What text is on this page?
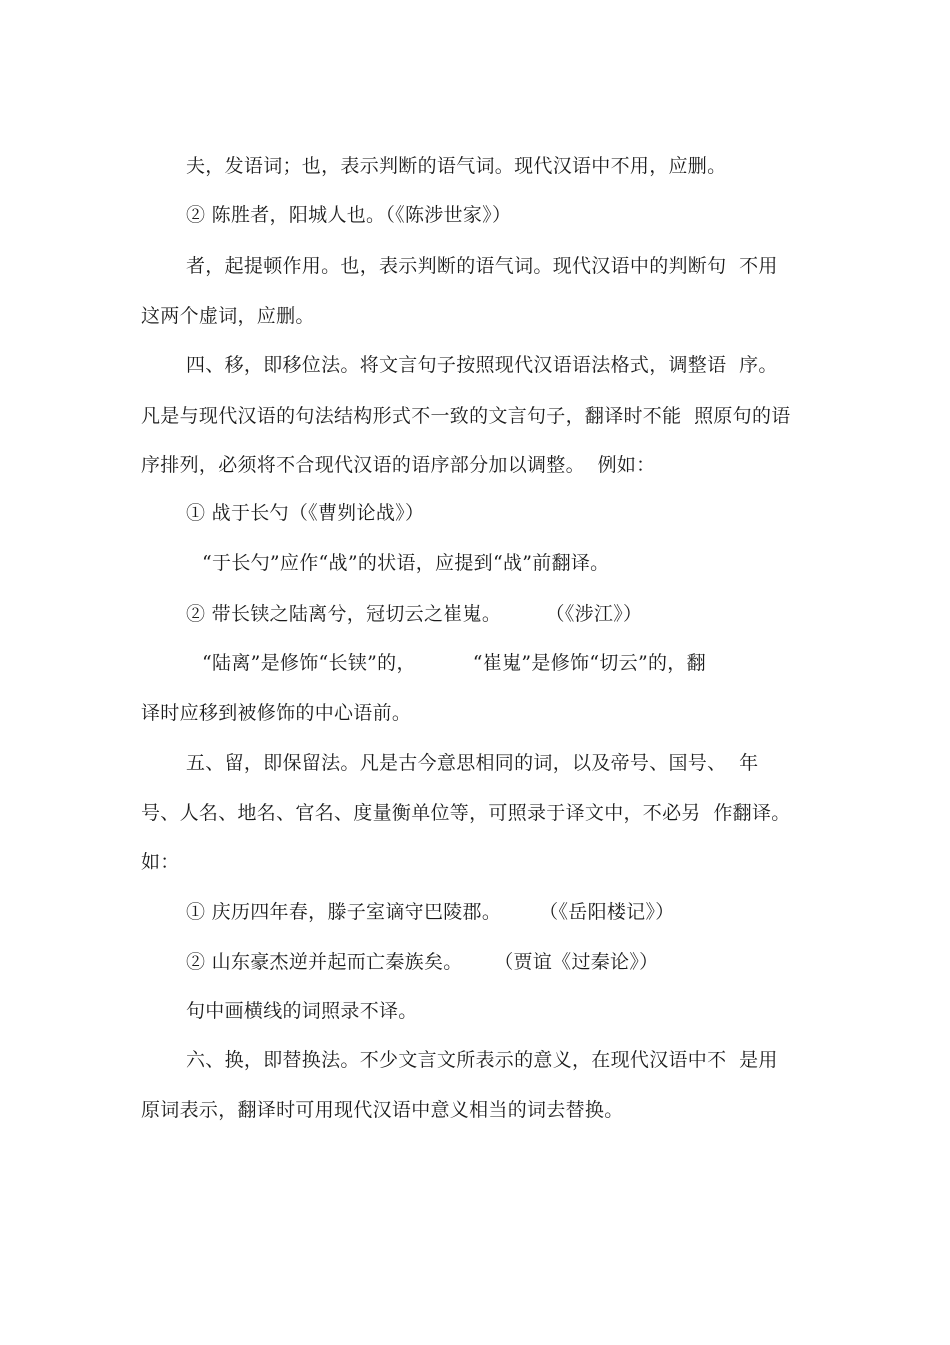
夫，发语词；也，表示判断的语气词。现代汉语中不用，应删。
② 陈胜者，阳城人也。（《陈涉世家》）
者，起提顿作用。也，表示判断的语气词。现代汉语中的判断句  不用
这两个虚词，应删。
四、移，即移位法。将文言句子按照现代汉语语法格式，调整语  序。
凡是与现代汉语的句法结构形式不一致的文言句子，翻译时不能  照原句的语
序排列，必须将不合现代汉语的语序部分加以调整。  例如：
① 战于长勺（《曹刿论战》）
“于长勺”应作“战”的状语，应提到“战”前翻译。
② 带长铗之陆离兮，冠切云之崔嵬。       （《涉江》）
“陆离”是修饰“长铗”的，         “崔嵬”是修饰“切云”的，翻
译时应移到被修饰的中心语前。
五、留，即保留法。凡是古今意思相同的词，以及帝号、国号、  年
号、人名、地名、官名、度量衡单位等，可照录于译文中，不必另  作翻译。
如：
① 庆历四年春，滕子室谪守巴陵郡。      （《岳阳楼记》）
② 山东豪杰逆并起而亡秦族矣。     （贾谊《过秦论》）
句中画横线的词照录不译。
六、换，即替换法。不少文言文所表示的意义，在现代汉语中不  是用
原词表示，翻译时可用现代汉语中意义相当的词去替换。
